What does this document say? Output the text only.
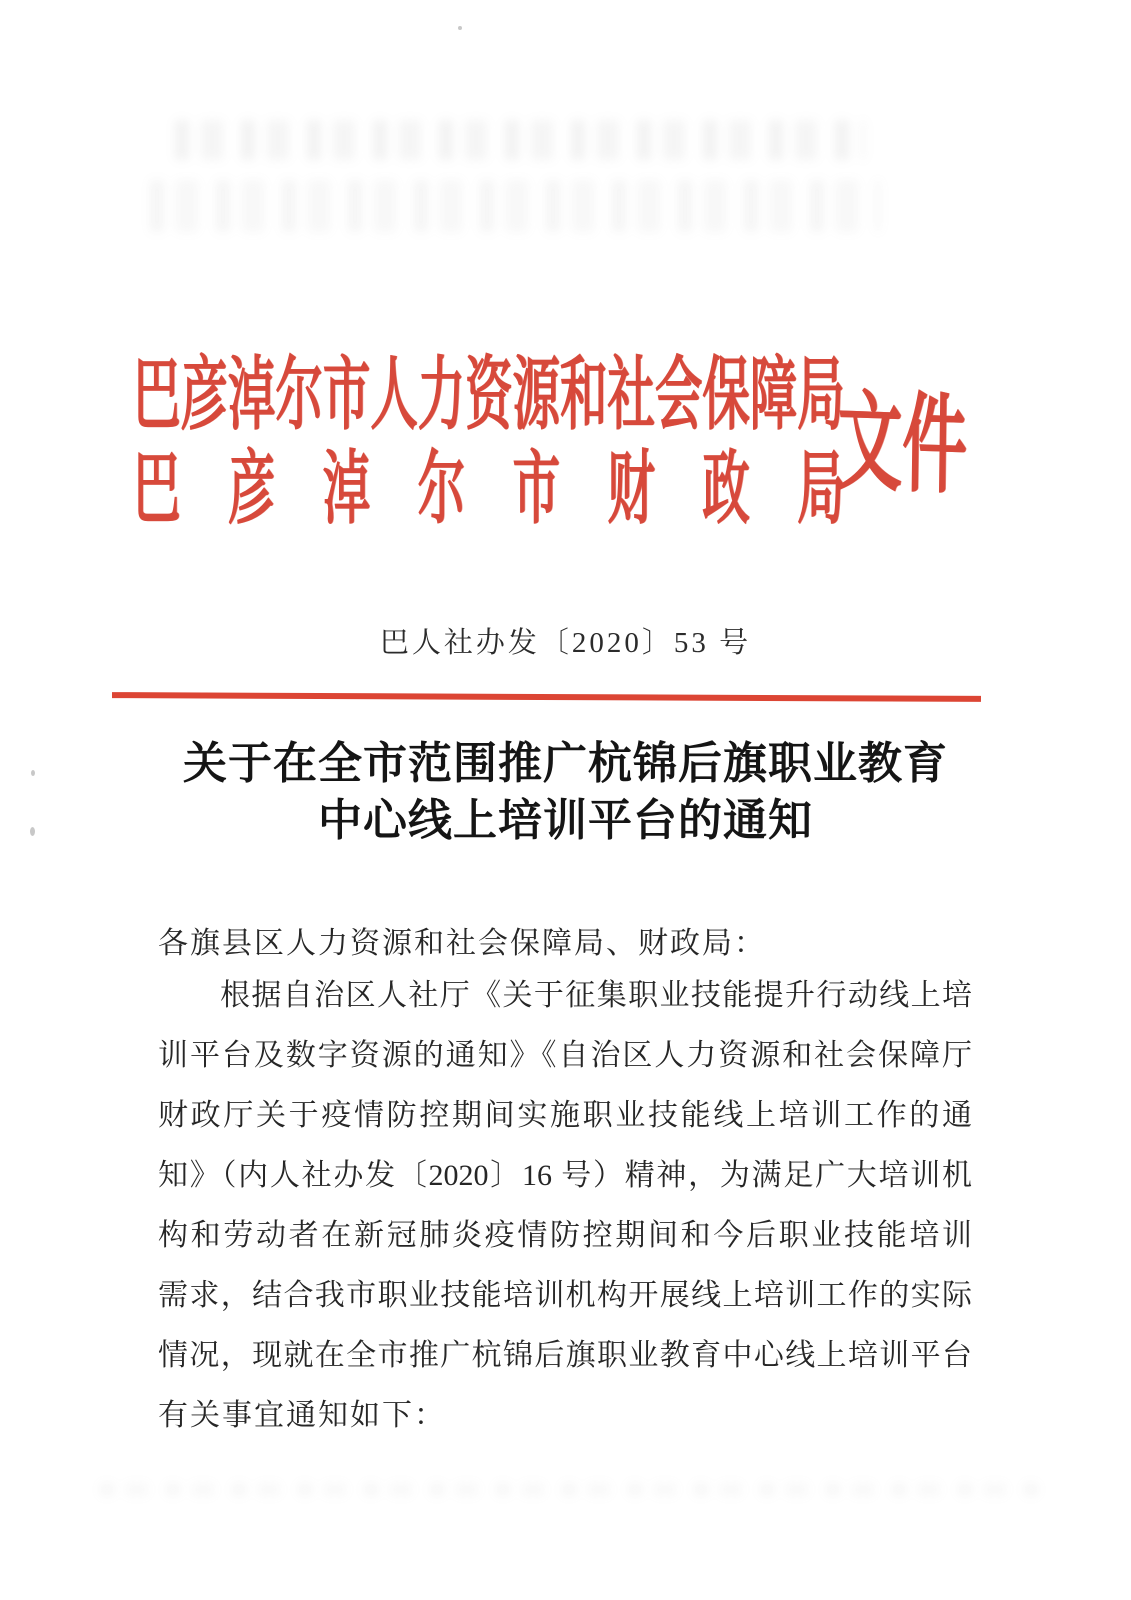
巴彦淖尔市人力资源和社会保障局
巴彦淖尔市财政局
文件
巴人社办发〔2020〕53 号
关于在全市范围推广杭锦后旗职业教育
中心线上培训平台的通知
各旗县区人力资源和社会保障局、财政局：
根据自治区人社厅《关于征集职业技能提升行动线上培
训平台及数字资源的通知》《自治区人力资源和社会保障厅
财政厅关于疫情防控期间实施职业技能线上培训工作的通
知》（内人社办发〔2020〕16 号）精神，为满足广大培训机
构和劳动者在新冠肺炎疫情防控期间和今后职业技能培训
需求，结合我市职业技能培训机构开展线上培训工作的实际
情况，现就在全市推广杭锦后旗职业教育中心线上培训平台
有关事宜通知如下：
